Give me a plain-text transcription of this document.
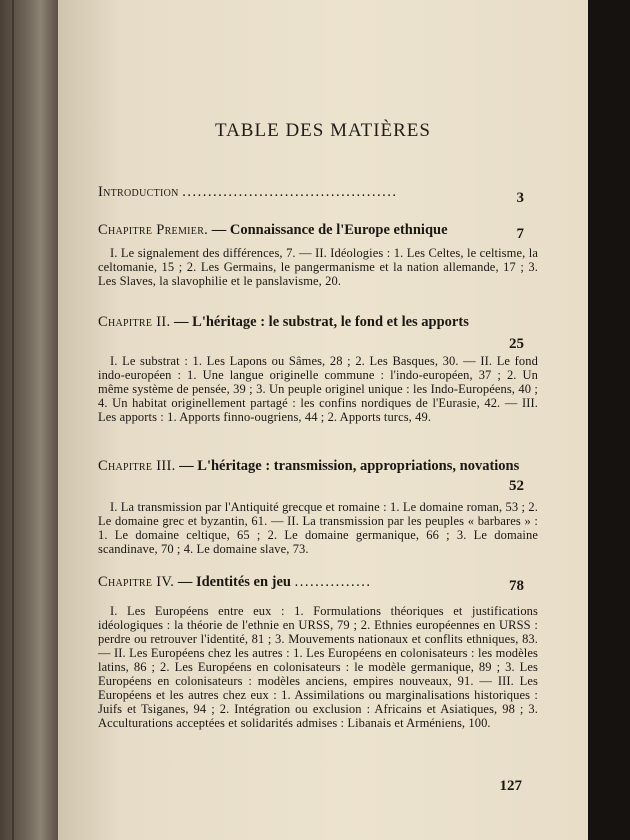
TABLE DES MATIÈRES
Introduction ..........................................	3
Chapitre Premier. — Connaissance de l'Europe ethnique	7

I. Le signalement des différences, 7. — II. Idéologies : 1. Les Celtes, le celtisme, la celtomanie, 15 ; 2. Les Germains, le pangermanisme et la nation allemande, 17 ; 3. Les Slaves, la slavophilie et le panslavisme, 20.

Chapitre II. — L'héritage : le substrat, le fond et les apports
25

I. Le substrat : 1. Les Lapons ou Sâmes, 28 ; 2. Les Basques, 30. — II. Le fond indo-européen : 1. Une langue originelle commune : l'indo-européen, 37 ; 2. Un même système de pensée, 39 ; 3. Un peuple originel unique : les Indo-Européens, 40 ; 4. Un habitat originellement partagé : les confins nordiques de l'Eurasie, 42. — III. Les apports : 1. Apports finno-ougriens, 44 ; 2. Apports turcs, 49.

Chapitre III. — L'héritage : transmission, appropriations, novations
52

I. La transmission par l'Antiquité grecque et romaine : 1. Le domaine roman, 53 ; 2. Le domaine grec et byzantin, 61. — II. La transmission par les peuples « barbares » : 1. Le domaine celtique, 65 ; 2. Le domaine germanique, 66 ; 3. Le domaine scandinave, 70 ; 4. Le domaine slave, 73.

Chapitre IV. — Identités en jeu ...............	78

I. Les Européens entre eux : 1. Formulations théoriques et justifications idéologiques : la théorie de l'ethnie en URSS, 79 ; 2. Ethnies européennes en URSS : perdre ou retrouver l'identité, 81 ; 3. Mouvements nationaux et conflits ethniques, 83. — II. Les Européens chez les autres : 1. Les Européens en colonisateurs : les modèles latins, 86 ; 2. Les Européens en colonisateurs : le modèle germanique, 89 ; 3. Les Européens en colonisateurs : modèles anciens, empires nouveaux, 91. — III. Les Européens et les autres chez eux : 1. Assimilations ou marginalisations historiques : Juifs et Tsiganes, 94 ; 2. Intégration ou exclusion : Africains et Asiatiques, 98 ; 3. Acculturations acceptées et solidarités admises : Libanais et Arméniens, 100.

127
